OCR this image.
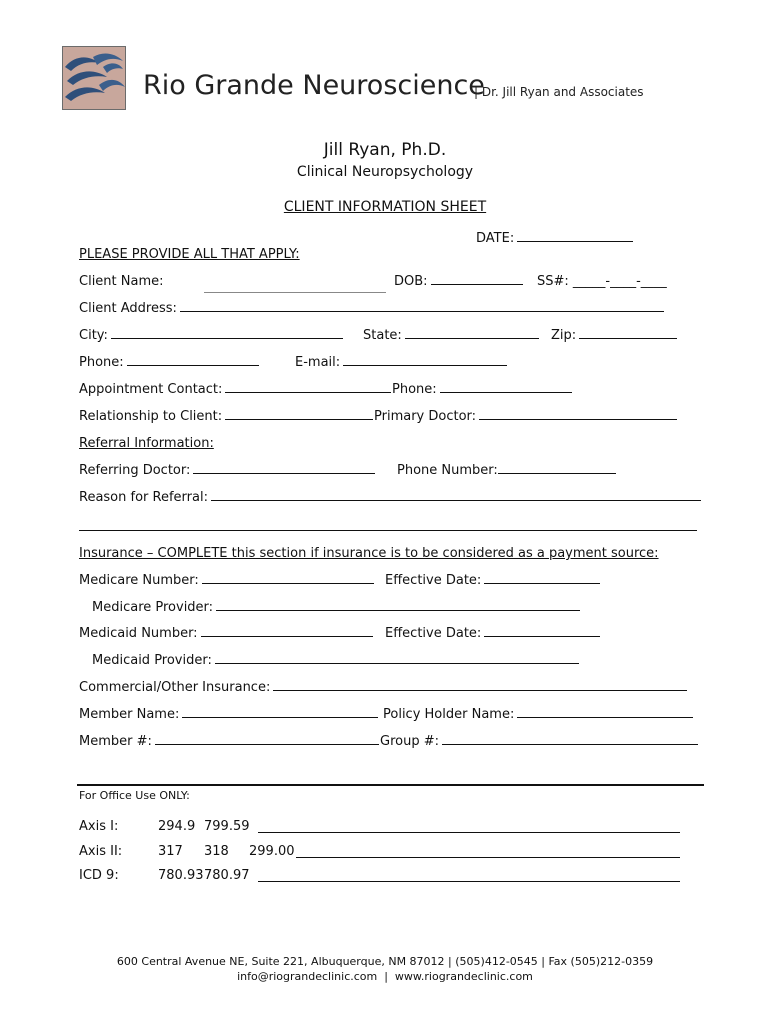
Rio Grande Neuroscience
| Dr. Jill Ryan and Associates
Jill Ryan, Ph.D.
Clinical Neuropsychology
CLIENT INFORMATION SHEET
DATE:
PLEASE PROVIDE ALL THAT APPLY:
Client Name:	DOB:	SS#: _____-____-____
Client Address:
City:	State:	Zip:
Phone:	E-mail:
Appointment Contact:	Phone:
Relationship to Client:	Primary Doctor:
Referral Information:
Referring Doctor:	Phone Number:
Reason for Referral:
Insurance – COMPLETE this section if insurance is to be considered as a payment source:
Medicare Number:	Effective Date:
Medicare Provider:
Medicaid Number:	Effective Date:
Medicaid Provider:
Commercial/Other Insurance:
Member Name:	Policy Holder Name:
Member #:	Group #:
For Office Use ONLY:
Axis I:	294.9 799.59
Axis II:	317 318 299.00
ICD 9:	780.93 780.97
600 Central Avenue NE, Suite 221, Albuquerque, NM 87012 | (505)412-0545 | Fax (505)212-0359
info@riograndeclinic.com  |  www.riograndeclinic.com
